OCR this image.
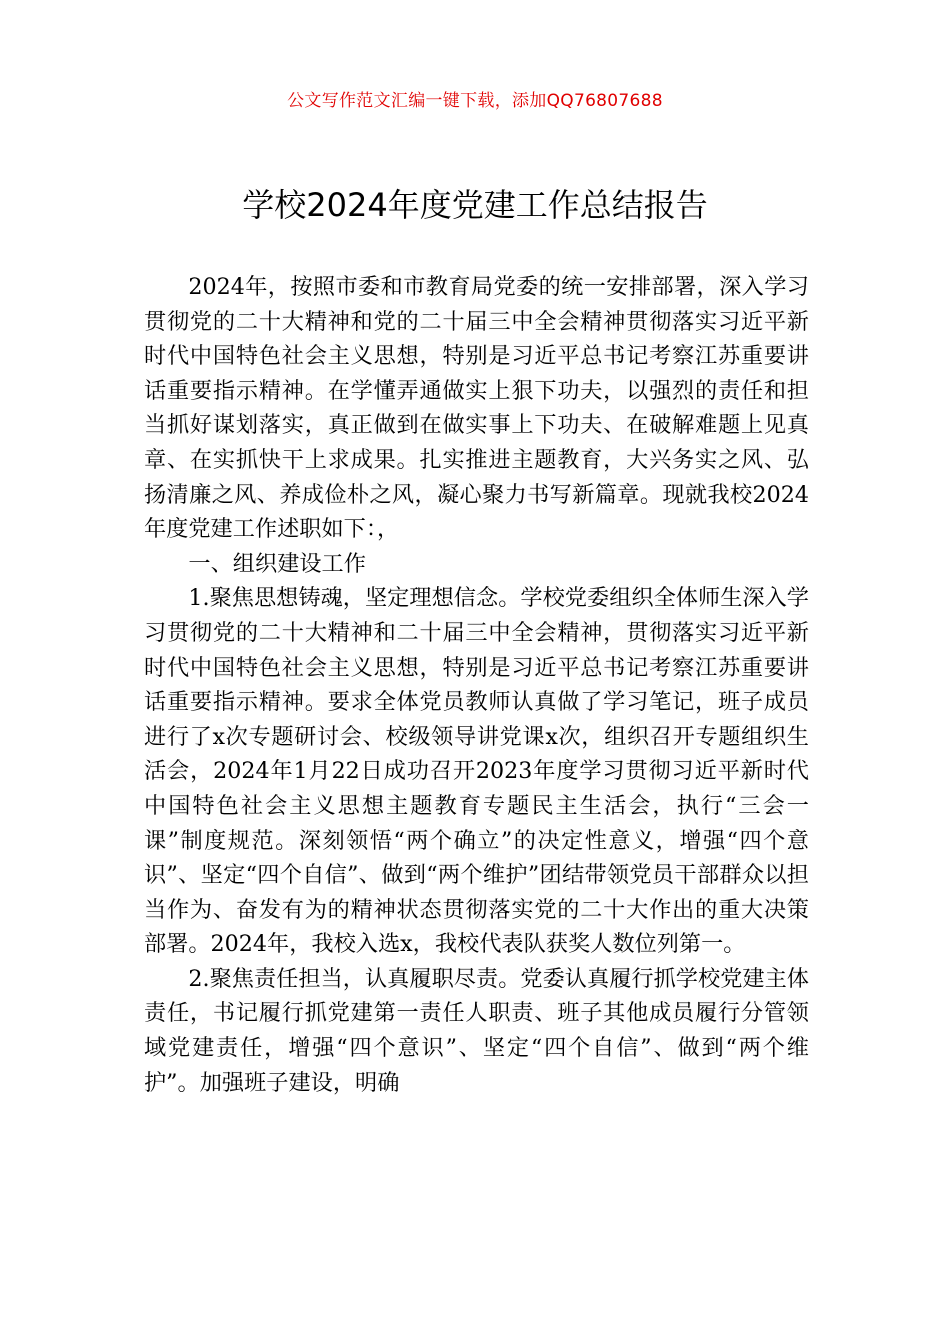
公文写作范文汇编一键下载，添加QQ76807688
学校2024年度党建工作总结报告

2024年，按照市委和市教育局党委的统一安排部署，深入学习贯彻党的二十大精神和党的二十届三中全会精神贯彻落实习近平新时代中国特色社会主义思想，特别是习近平总书记考察江苏重要讲话重要指示精神。在学懂弄通做实上狠下功夫，以强烈的责任和担当抓好谋划落实，真正做到在做实事上下功夫、在破解难题上见真章、在实抓快干上求成果。扎实推进主题教育，大兴务实之风、弘扬清廉之风、养成俭朴之风，凝心聚力书写新篇章。现就我校2024年度党建工作述职如下：，

一、组织建设工作

1.聚焦思想铸魂，坚定理想信念。学校党委组织全体师生深入学习贯彻党的二十大精神和二十届三中全会精神，贯彻落实习近平新时代中国特色社会主义思想，特别是习近平总书记考察江苏重要讲话重要指示精神。要求全体党员教师认真做了学习笔记，班子成员进行了x次专题研讨会、校级领导讲党课x次，组织召开专题组织生活会，2024年1月22日成功召开2023年度学习贯彻习近平新时代中国特色社会主义思想主题教育专题民主生活会，执行“三会一课”制度规范。深刻领悟“两个确立”的决定性意义，增强“四个意识”、坚定“四个自信”、做到“两个维护”团结带领党员干部群众以担当作为、奋发有为的精神状态贯彻落实党的二十大作出的重大决策部署。2024年，我校入选x，我校代表队获奖人数位列第一。

2.聚焦责任担当，认真履职尽责。党委认真履行抓学校党建主体责任，书记履行抓党建第一责任人职责、班子其他成员履行分管领域党建责任，增强“四个意识”、坚定“四个自信”、做到“两个维护”。加强班子建设，明确
